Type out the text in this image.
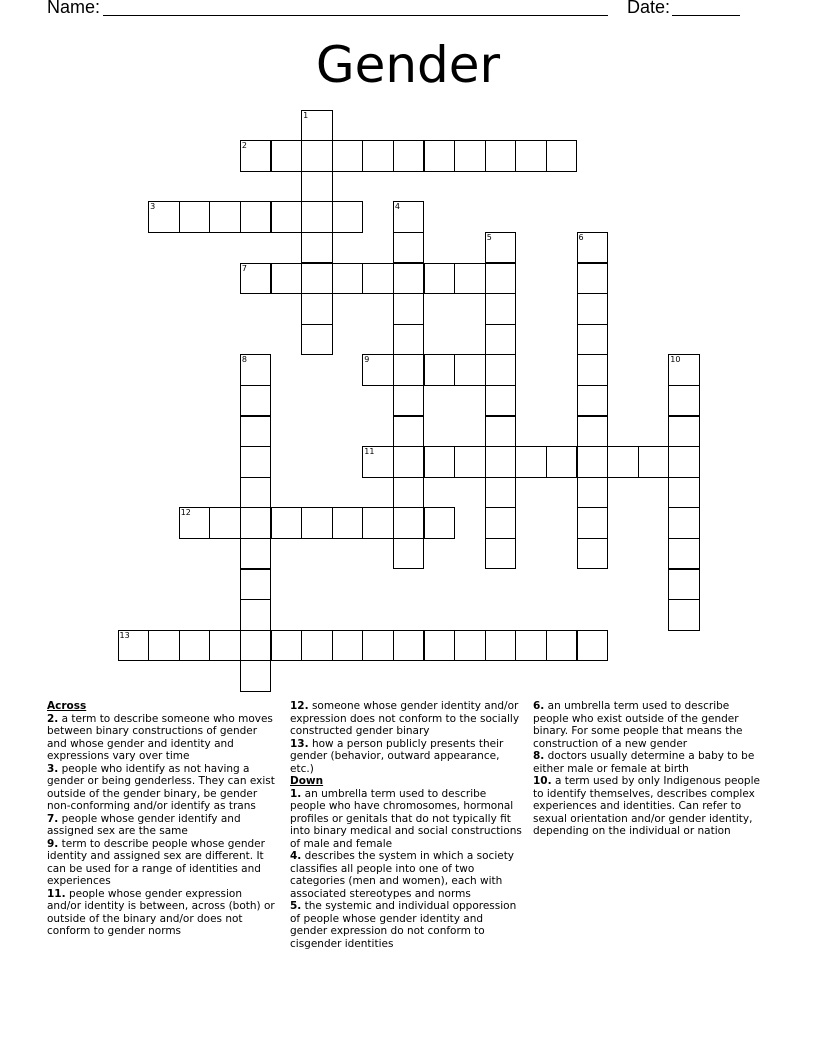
Name:	Date:
Gender
1
2
3	4
5	6
7
8	9	10
11
12
13
Across
2. a term to describe someone who moves between binary constructions of gender and whose gender and identity and expressions vary over time
3. people who identify as not having a gender or being genderless. They can exist outside of the gender binary, be gender non-conforming and/or identify as trans
7. people whose gender identify and assigned sex are the same
9. term to describe people whose gender identity and assigned sex are different. It can be used for a range of identities and experiences
11. people whose gender expression and/or identity is between, across (both) or outside of the binary and/or does not conform to gender norms
12. someone whose gender identity and/or expression does not conform to the socially constructed gender binary
13. how a person publicly presents their gender (behavior, outward appearance, etc.)
Down
1. an umbrella term used to describe people who have chromosomes, hormonal profiles or genitals that do not typically fit into binary medical and social constructions of male and female
4. describes the system in which a society classifies all people into one of two categories (men and women), each with associated stereotypes and norms
5. the systemic and individual opporession of people whose gender identity and gender expression do not conform to cisgender identities
6. an umbrella term used to describe people who exist outside of the gender binary. For some people that means the construction of a new gender
8. doctors usually determine a baby to be either male or female at birth
10. a term used by only Indigenous people to identify themselves, describes complex experiences and identities. Can refer to sexual orientation and/or gender identity, depending on the individual or nation
